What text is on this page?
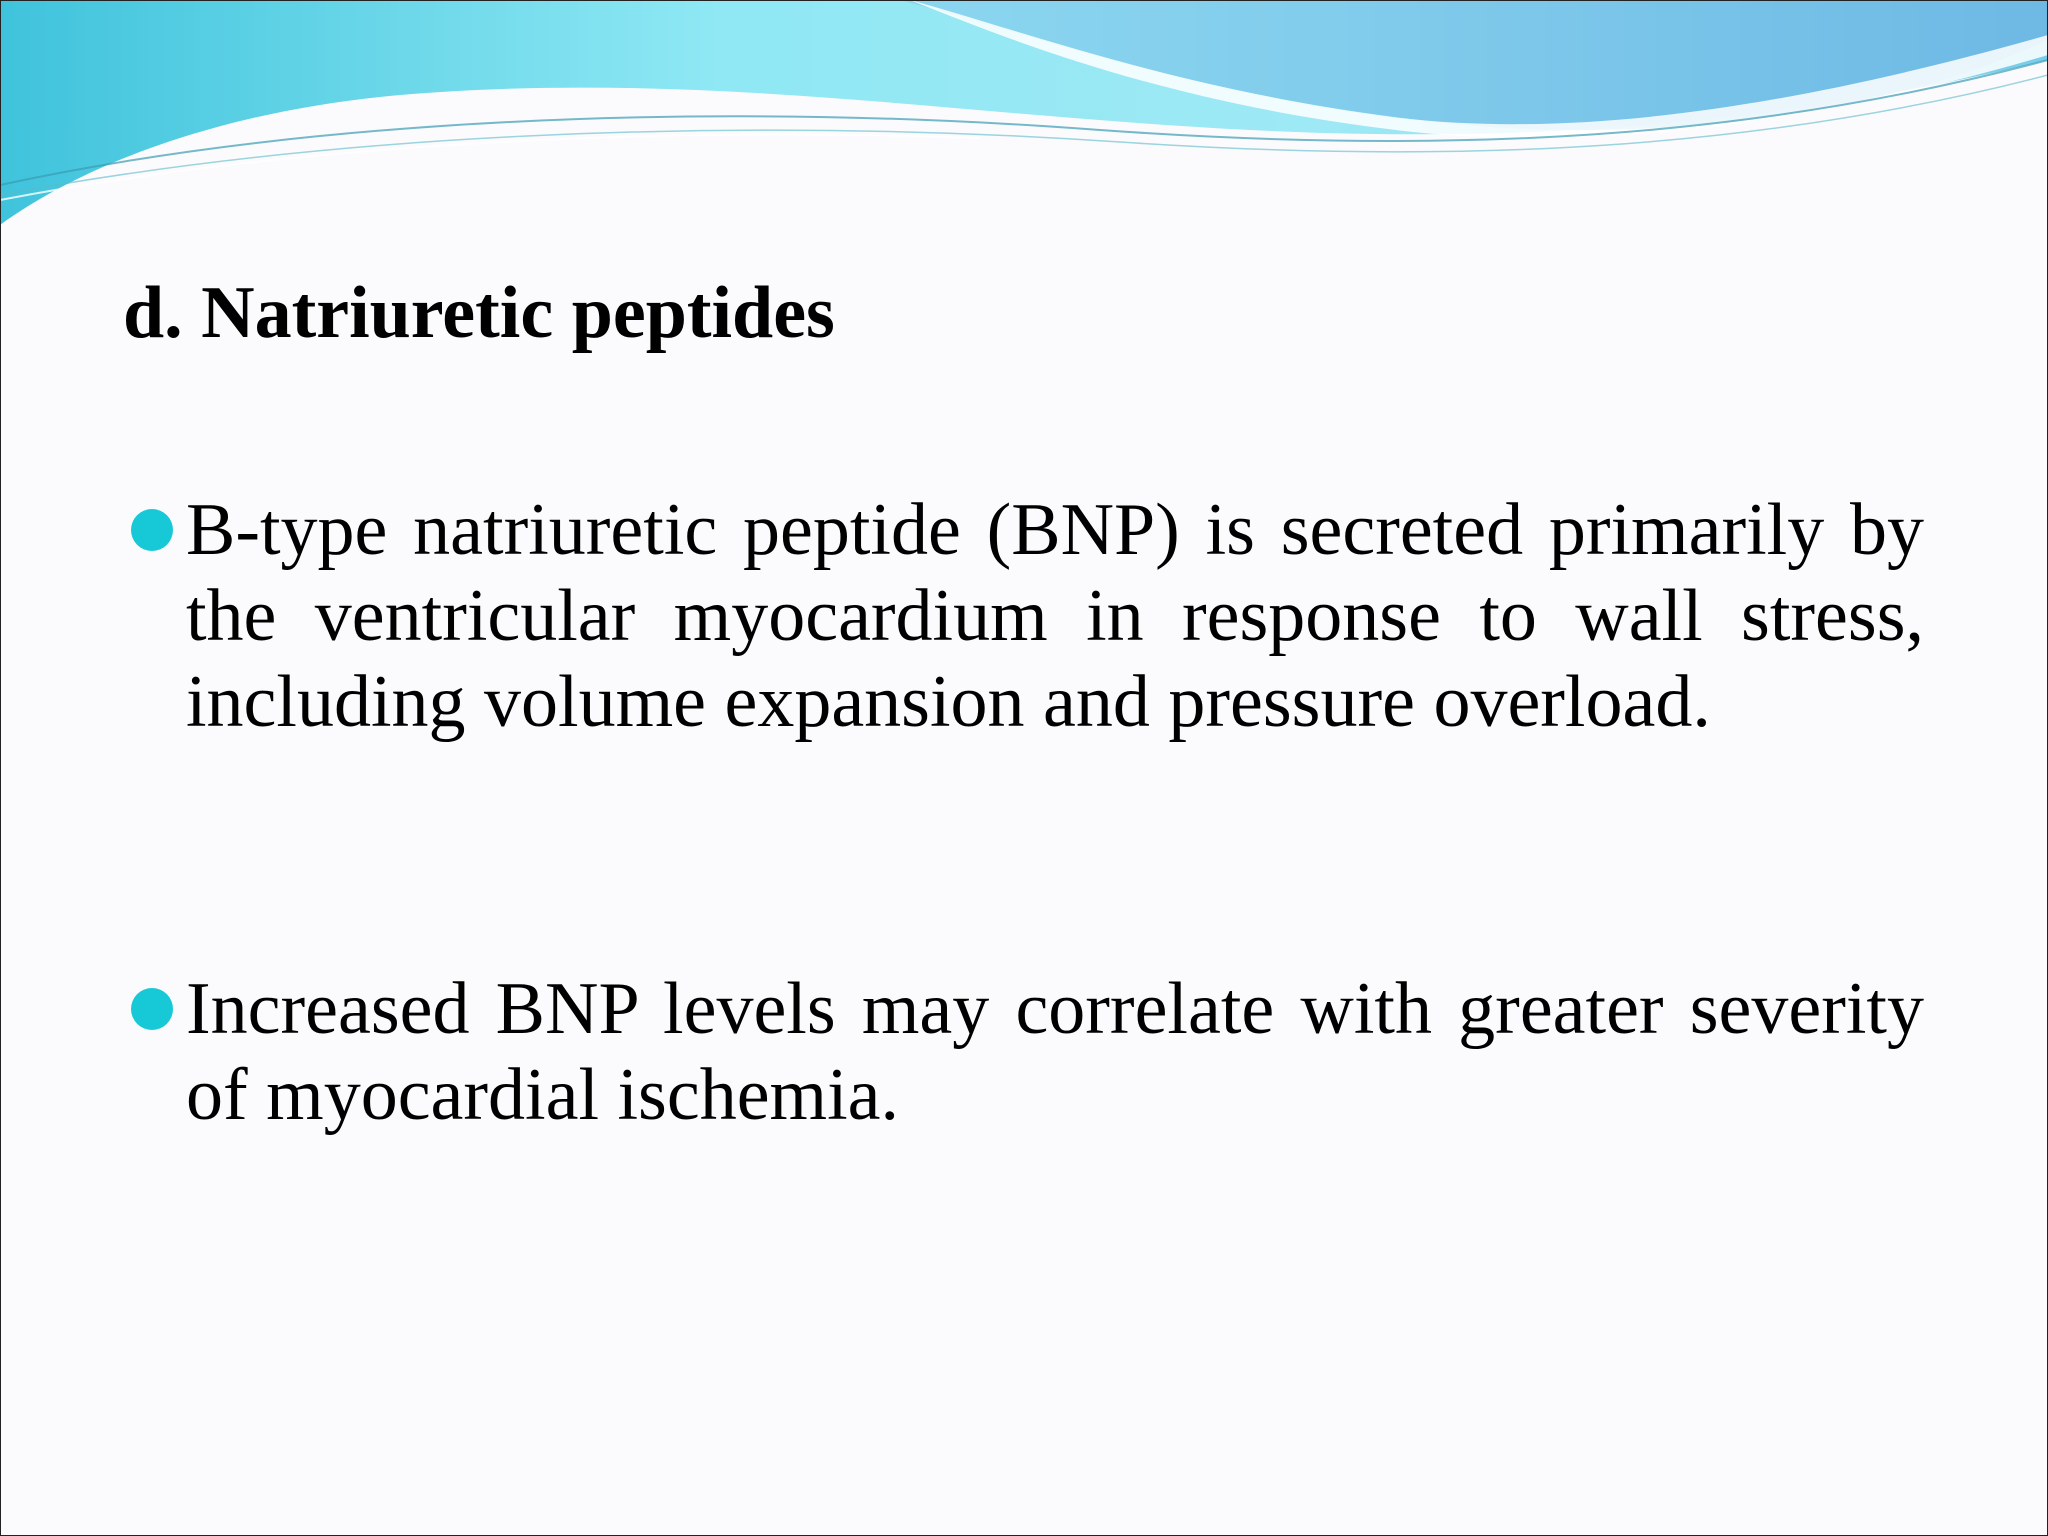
d. Natriuretic peptides
B-type natriuretic peptide (BNP) is secreted primarily by the ventricular myocardium in response to wall stress, including volume expansion and pressure overload.
Increased BNP levels may correlate with greater severity of myocardial ischemia.
